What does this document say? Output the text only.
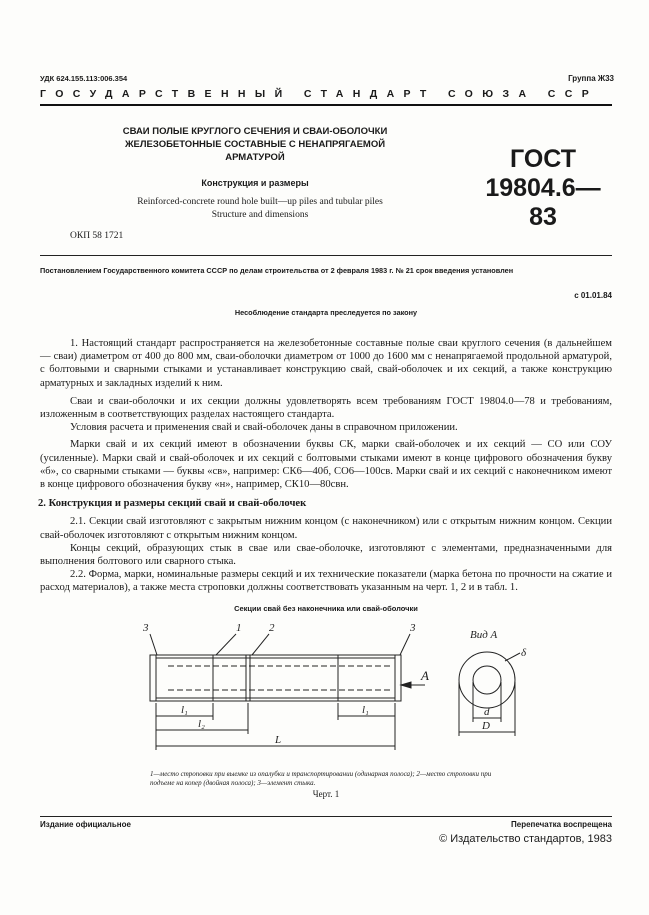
УДК 624.155.113:006.354	Группа Ж33
ГОСУДАРСТВЕННЫЙ СТАНДАРТ СОЮЗА ССР
СВАИ ПОЛЫЕ КРУГЛОГО СЕЧЕНИЯ И СВАИ-ОБОЛОЧКИ
ЖЕЛЕЗОБЕТОННЫЕ СОСТАВНЫЕ С НЕНАПРЯГАЕМОЙ
АРМАТУРОЙ
Конструкция и размеры
Reinforced-concrete round hole built—up piles and tubular piles
Structure and dimensions
ГОСТ
19804.6—83
ОКП 58 1721
Постановлением Государственного комитета СССР по делам строительства от 2 февраля 1983 г. № 21 срок введения установлен
с 01.01.84
Несоблюдение стандарта преследуется по закону

1. Настоящий стандарт распространяется на железобетонные составные полые сваи круглого сечения (в дальнейшем — сваи) диаметром от 400 до 800 мм, сваи-оболочки диаметром от 1000 до 1600 мм с ненапрягаемой продольной арматурой, с болтовыми и сварными стыками и устанавливает конструкцию свай, свай-оболочек и их секций, а также конструкцию арматурных и закладных изделий к ним.

Сваи и сваи-оболочки и их секции должны удовлетворять всем требованиям ГОСТ 19804.0—78 и требованиям, изложенным в соответствующих разделах настоящего стандарта.

Условия расчета и применения свай и свай-оболочек даны в справочном приложении.

Марки свай и их секций имеют в обозначении буквы СК, марки свай-оболочек и их секций — СО или СОУ (усиленные). Марки свай и свай-оболочек и их секций с болтовыми стыками имеют в конце цифрового обозначения букву «б», со сварными стыками — буквы «св», например: СК6—40б, СО6—100св. Марки свай и их секций с наконечником имеют в конце цифрового обозначения букву «н», например, СК10—80свн.

2. Конструкция и размеры секций свай и свай-оболочек

2.1. Секции свай изготовляют с закрытым нижним концом (с наконечником) или с открытым нижним концом. Секции свай-оболочек изготовляют с открытым нижним концом.

Концы секций, образующих стык в свае или свае-оболочке, изготовляют с элементами, предназначенными для выполнения болтового или сварного стыка.

2.2. Форма, марки, номинальные размеры секций и их технические показатели (марка бетона по прочности на сжатие и расход материалов), а также места строповки должны соответствовать указанным на черт. 1, 2 и в табл. 1.

Секции свай без наконечника или свай-оболочки
3	1	2	3
А
Вид А
δ
d
D
l₁	l₁
l₂
L
1—место строповки при выемке из опалубки и транспортировании (одинарная полоса); 2—место строповки при подъеме на копер (двойная полоса); 3—элемент стыка.
Черт. 1
Издание официальное	Перепечатка воспрещена
© Издательство стандартов, 1983
